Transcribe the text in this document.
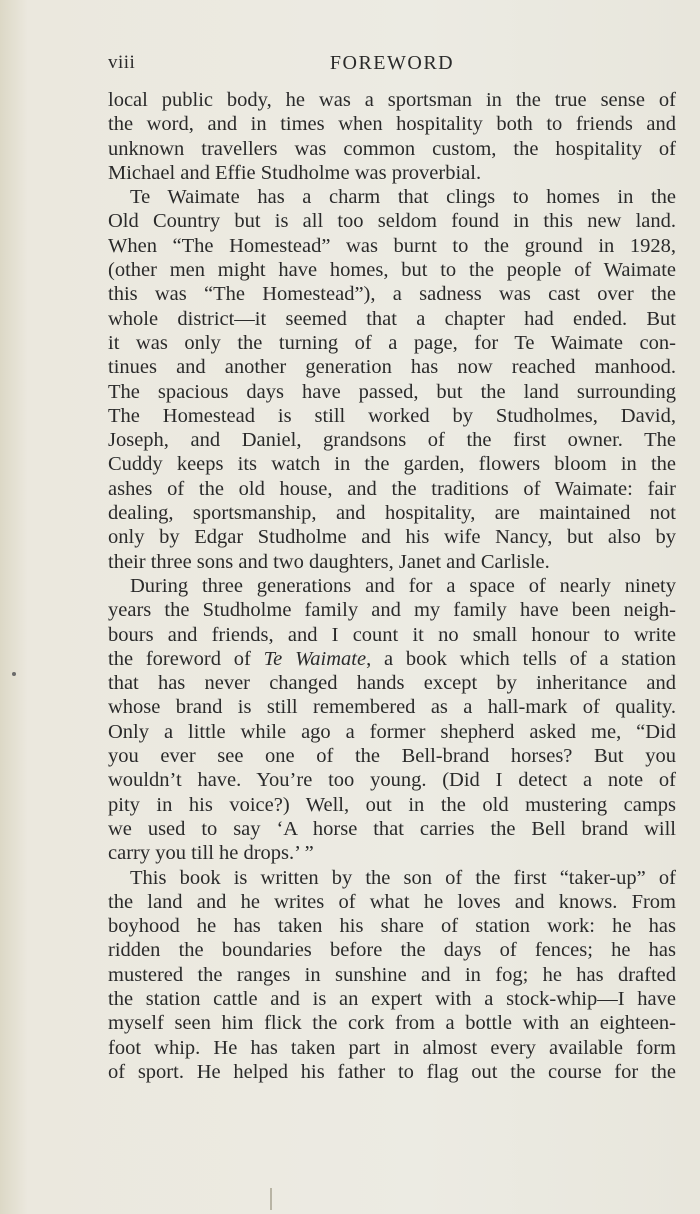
viii	FOREWORD
local public body, he was a sportsman in the true sense of
the word, and in times when hospitality both to friends and
unknown travellers was common custom, the hospitality of
Michael and Effie Studholme was proverbial.
Te Waimate has a charm that clings to homes in the
Old Country but is all too seldom found in this new land.
When “The Homestead” was burnt to the ground in 1928,
(other men might have homes, but to the people of Waimate
this was “The Homestead”), a sadness was cast over the
whole district—it seemed that a chapter had ended. But
it was only the turning of a page, for Te Waimate con-
tinues and another generation has now reached manhood.
The spacious days have passed, but the land surrounding
The Homestead is still worked by Studholmes, David,
Joseph, and Daniel, grandsons of the first owner. The
Cuddy keeps its watch in the garden, flowers bloom in the
ashes of the old house, and the traditions of Waimate: fair
dealing, sportsmanship, and hospitality, are maintained not
only by Edgar Studholme and his wife Nancy, but also by
their three sons and two daughters, Janet and Carlisle.
During three generations and for a space of nearly ninety
years the Studholme family and my family have been neigh-
bours and friends, and I count it no small honour to write
the foreword of Te Waimate, a book which tells of a station
that has never changed hands except by inheritance and
whose brand is still remembered as a hall-mark of quality.
Only a little while ago a former shepherd asked me, “Did
you ever see one of the Bell-brand horses? But you
wouldn’t have. You’re too young. (Did I detect a note of
pity in his voice?) Well, out in the old mustering camps
we used to say ‘A horse that carries the Bell brand will
carry you till he drops.’ ”
This book is written by the son of the first “taker-up” of
the land and he writes of what he loves and knows. From
boyhood he has taken his share of station work: he has
ridden the boundaries before the days of fences; he has
mustered the ranges in sunshine and in fog; he has drafted
the station cattle and is an expert with a stock-whip—I have
myself seen him flick the cork from a bottle with an eighteen-
foot whip. He has taken part in almost every available form
of sport. He helped his father to flag out the course for the
